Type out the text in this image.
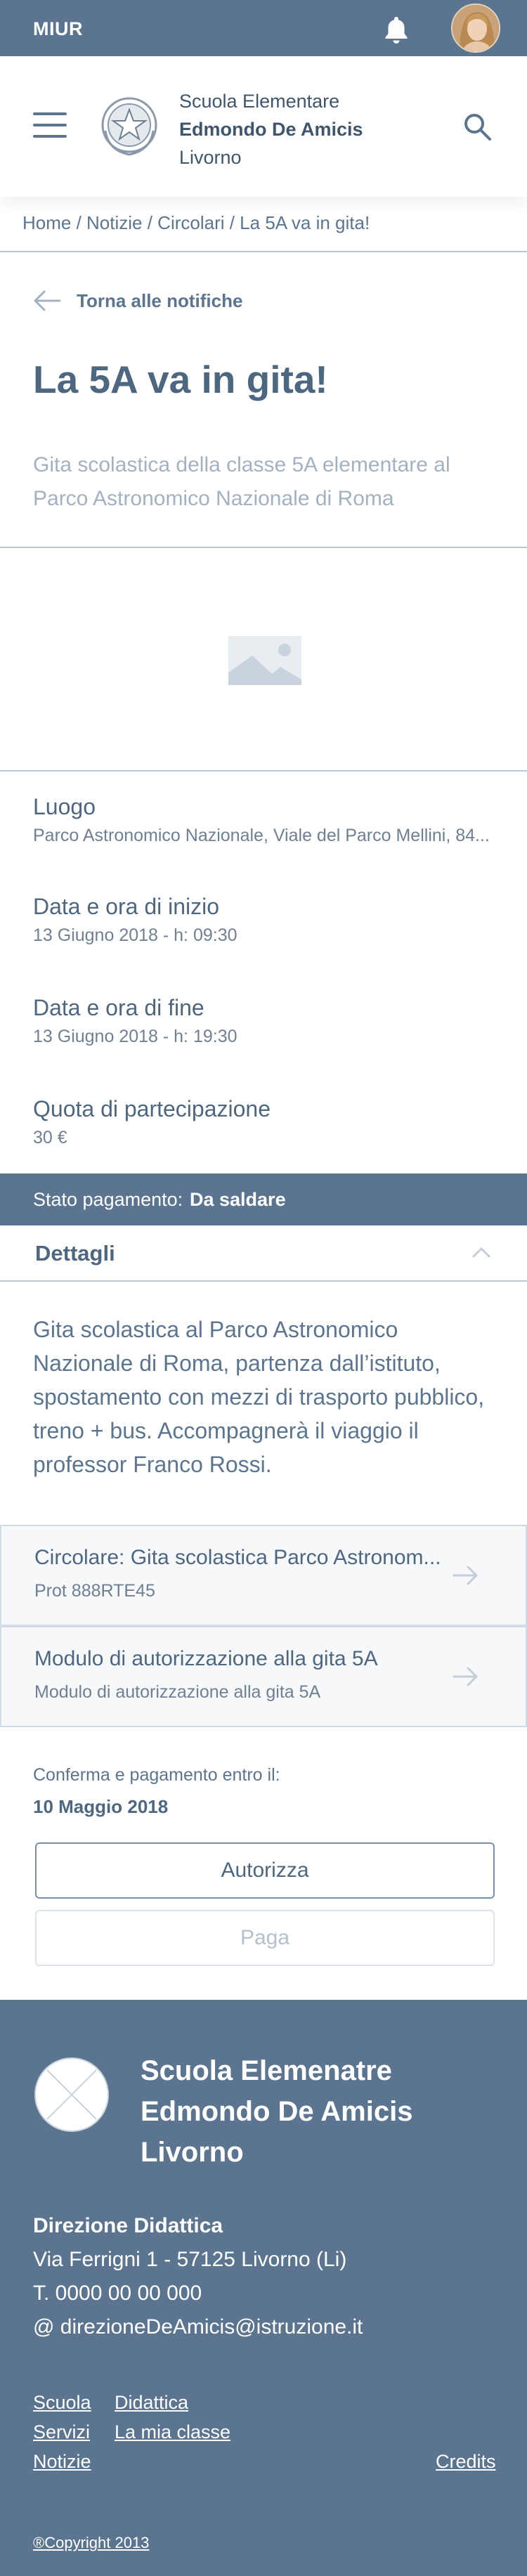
MIUR
Scuola Elementare
Edmondo De Amicis
Livorno
Home / Notizie / Circolari / La 5A va in gita!
Torna alle notifiche
La 5A va in gita!

Gita scolastica della classe 5A elementare al Parco Astronomico Nazionale di Roma

Luogo
Parco Astronomico Nazionale, Viale del Parco Mellini, 84...
Data e ora di inizio
13 Giugno 2018 - h: 09:30
Data e ora di fine
13 Giugno 2018 - h: 19:30
Quota di partecipazione
30 €
Stato pagamento: Da saldare
Dettagli

Gita scolastica al Parco Astronomico Nazionale di Roma, partenza dall’istituto, spostamento con mezzi di trasporto pubblico, treno + bus. Accompagnerà il viaggio il professor Franco Rossi.

Circolare: Gita scolastica Parco Astronom...
Prot 888RTE45
Modulo di autorizzazione alla gita 5A
Modulo di autorizzazione alla gita 5A
Conferma e pagamento entro il:
10 Maggio 2018
Autorizza
Paga
Scuola Elemenatre Edmondo De Amicis Livorno
Direzione Didattica
Via Ferrigni 1 - 57125 Livorno (Li)
T. 0000 00 00 000
@ direzioneDeAmicis@istruzione.it
Scuola Didattica
Servizi La mia classe
Notizie	Credits
®Copyright 2013
